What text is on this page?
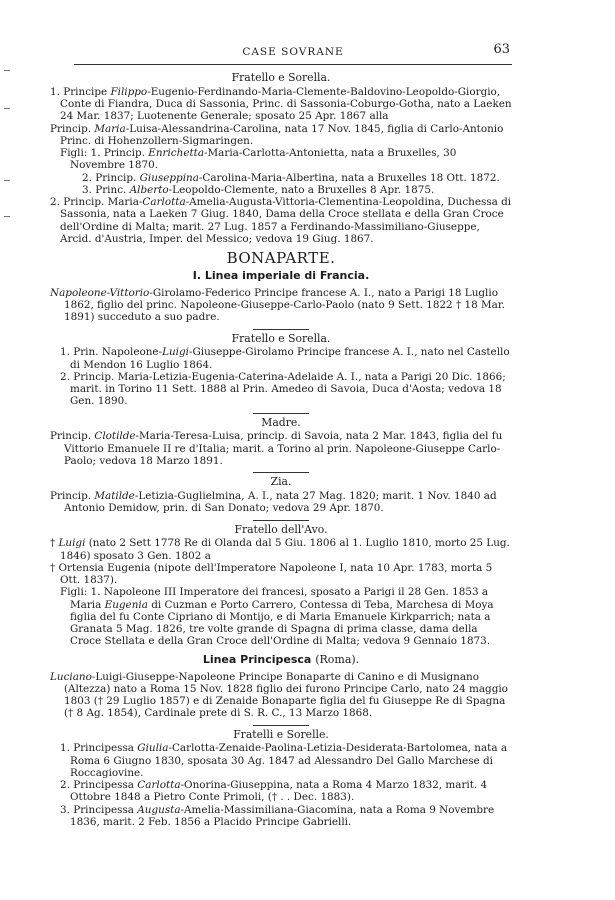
CASE SOVRANE	63
Fratello e Sorella.

1. Principe Filippo-Eugenio-Ferdinando-Maria-Clemente-Baldovino-Leopoldo-Giorgio, Conte di Fiandra, Duca di Sassonia, Princ. di Sassonia-Coburgo-Gotha, nato a Laeken 24 Mar. 1837; Luotenente Generale; sposato 25 Apr. 1867 alla

Princip. Maria-Luisa-Alessandrina-Carolina, nata 17 Nov. 1845, figlia di Carlo-Antonio Princ. di Hohenzollern-Sigmaringen.

Figli: 1. Princip. Enrichetta-Maria-Carlotta-Antonietta, nata a Bruxelles, 30 Novembre 1870.

2. Princip. Giuseppina-Carolina-Maria-Albertina, nata a Bruxelles 18 Ott. 1872.

3. Princ. Alberto-Leopoldo-Clemente, nato a Bruxelles 8 Apr. 1875.

2. Princip. Maria-Carlotta-Amelia-Augusta-Vittoria-Clementina-Leopoldina, Duchessa di Sassonia, nata a Laeken 7 Giug. 1840, Dama della Croce stellata e della Gran Croce dell'Ordine di Malta; marit. 27 Lug. 1857 a Ferdinando-Massimiliano-Giuseppe, Arcid. d'Austria, Imper. del Messico; vedova 19 Giug. 1867.

BONAPARTE.
I. Linea imperiale di Francia.

Napoleone-Vittorio-Girolamo-Federico Principe francese A. I., nato a Parigi 18 Luglio 1862, figlio del princ. Napoleone-Giuseppe-Carlo-Paolo (nato 9 Sett. 1822 † 18 Mar. 1891) succeduto a suo padre.

Fratello e Sorella.

1. Prin. Napoleone-Luigi-Giuseppe-Girolamo Principe francese A. I., nato nel Castello di Mendon 16 Luglio 1864.

2. Princip. Maria-Letizia-Eugenia-Caterina-Adelaide A. I., nata a Parigi 20 Dic. 1866; marit. in Torino 11 Sett. 1888 al Prin. Amedeo di Savoia, Duca d'Aosta; vedova 18 Gen. 1890.

Madre.

Princip. Clotilde-Maria-Teresa-Luisa, princip. di Savoia, nata 2 Mar. 1843, figlia del fu Vittorio Emanuele II re d'Italia; marit. a Torino al prin. Napoleone-Giuseppe Carlo-Paolo; vedova 18 Marzo 1891.

Zia.

Princip. Matilde-Letizia-Guglielmina, A. I., nata 27 Mag. 1820; marit. 1 Nov. 1840 ad Antonio Demidow, prin. di San Donato; vedova 29 Apr. 1870.

Fratello dell'Avo.

† Luigi (nato 2 Sett 1778 Re di Olanda dal 5 Giu. 1806 al 1. Luglio 1810, morto 25 Lug. 1846) sposato 3 Gen. 1802 a

† Ortensia Eugenia (nipote dell'Imperatore Napoleone I, nata 10 Apr. 1783, morta 5 Ott. 1837).

Figli: 1. Napoleone III Imperatore dei francesi, sposato a Parigi il 28 Gen. 1853 a Maria Eugenia di Cuzman e Porto Carrero, Contessa di Teba, Marchesa di Moya figlia del fu Conte Cipriano di Montijo, e di Maria Emanuele Kirkparrich; nata a Granata 5 Mag. 1826, tre volte grande di Spagna di prima classe, dama della Croce Stellata e della Gran Croce dell'Ordine di Malta; vedova 9 Gennaio 1873.

Linea Principesca (Roma).

Luciano-Luigi-Giuseppe-Napoleone Principe Bonaparte di Canino e di Musignano (Altezza) nato a Roma 15 Nov. 1828 figlio dei furono Principe Carlo, nato 24 maggio 1803 († 29 Luglio 1857) e di Zenaide Bonaparte figlia del fu Giuseppe Re di Spagna († 8 Ag. 1854), Cardinale prete di S. R. C., 13 Marzo 1868.

Fratelli e Sorelle.

1. Principessa Giulia-Carlotta-Zenaide-Paolina-Letizia-Desiderata-Bartolomea, nata a Roma 6 Giugno 1830, sposata 30 Ag. 1847 ad Alessandro Del Gallo Marchese di Roccagiovine.

2. Principessa Carlotta-Onorina-Giuseppina, nata a Roma 4 Marzo 1832, marit. 4 Ottobre 1848 a Pietro Conte Primoli, († . . Dec. 1883).

3. Principessa Augusta-Amelia-Massimiliana-Giacomina, nata a Roma 9 Novembre 1836, marit. 2 Feb. 1856 a Placido Principe Gabrielli.
